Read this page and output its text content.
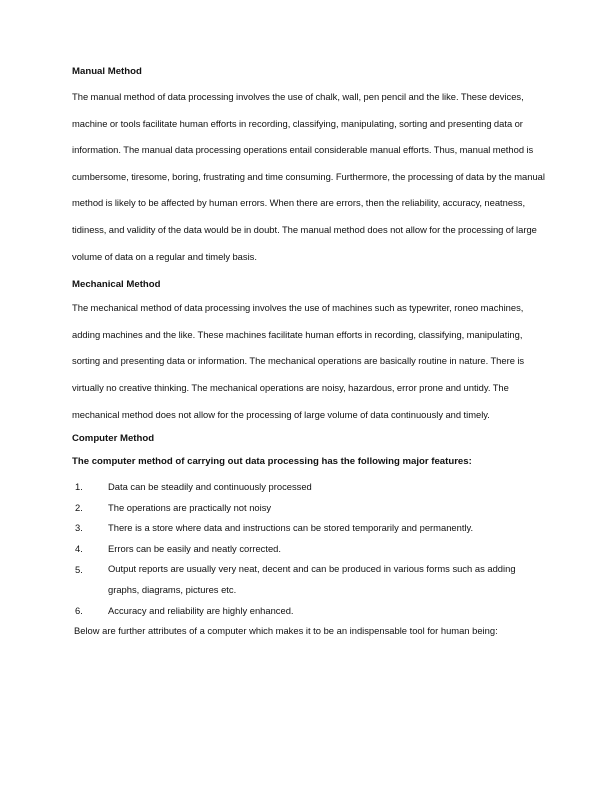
Manual Method

The manual method of data processing involves the use of chalk, wall, pen pencil and the like. These devices, machine or tools facilitate human efforts in recording, classifying, manipulating, sorting and presenting data or information. The manual data processing operations entail considerable manual efforts. Thus, manual method is cumbersome, tiresome, boring, frustrating and time consuming. Furthermore, the processing of data by the manual method is likely to be affected by human errors. When there are errors, then the reliability, accuracy, neatness, tidiness, and validity of the data would be in doubt. The manual method does not allow for the processing of large volume of data on a regular and timely basis.

Mechanical Method

The mechanical method of data processing involves the use of machines such as typewriter, roneo machines, adding machines and the like. These machines facilitate human efforts in recording, classifying, manipulating, sorting and presenting data or information. The mechanical operations are basically routine in nature. There is virtually no creative thinking. The mechanical operations are noisy, hazardous, error prone and untidy. The mechanical method does not allow for the processing of large volume of data continuously and timely.

Computer Method
The computer method of carrying out data processing has the following major features:
1.	Data can be steadily and continuously processed
2.	The operations are practically not noisy
3.	There is a store where data and instructions can be stored temporarily and permanently.
4.	Errors can be easily and neatly corrected.
5.	Output reports are usually very neat, decent and can be produced in various forms such as adding graphs, diagrams, pictures etc.
6.	Accuracy and reliability are highly enhanced.

Below are further attributes of a computer which makes it to be an indispensable tool for human being:
